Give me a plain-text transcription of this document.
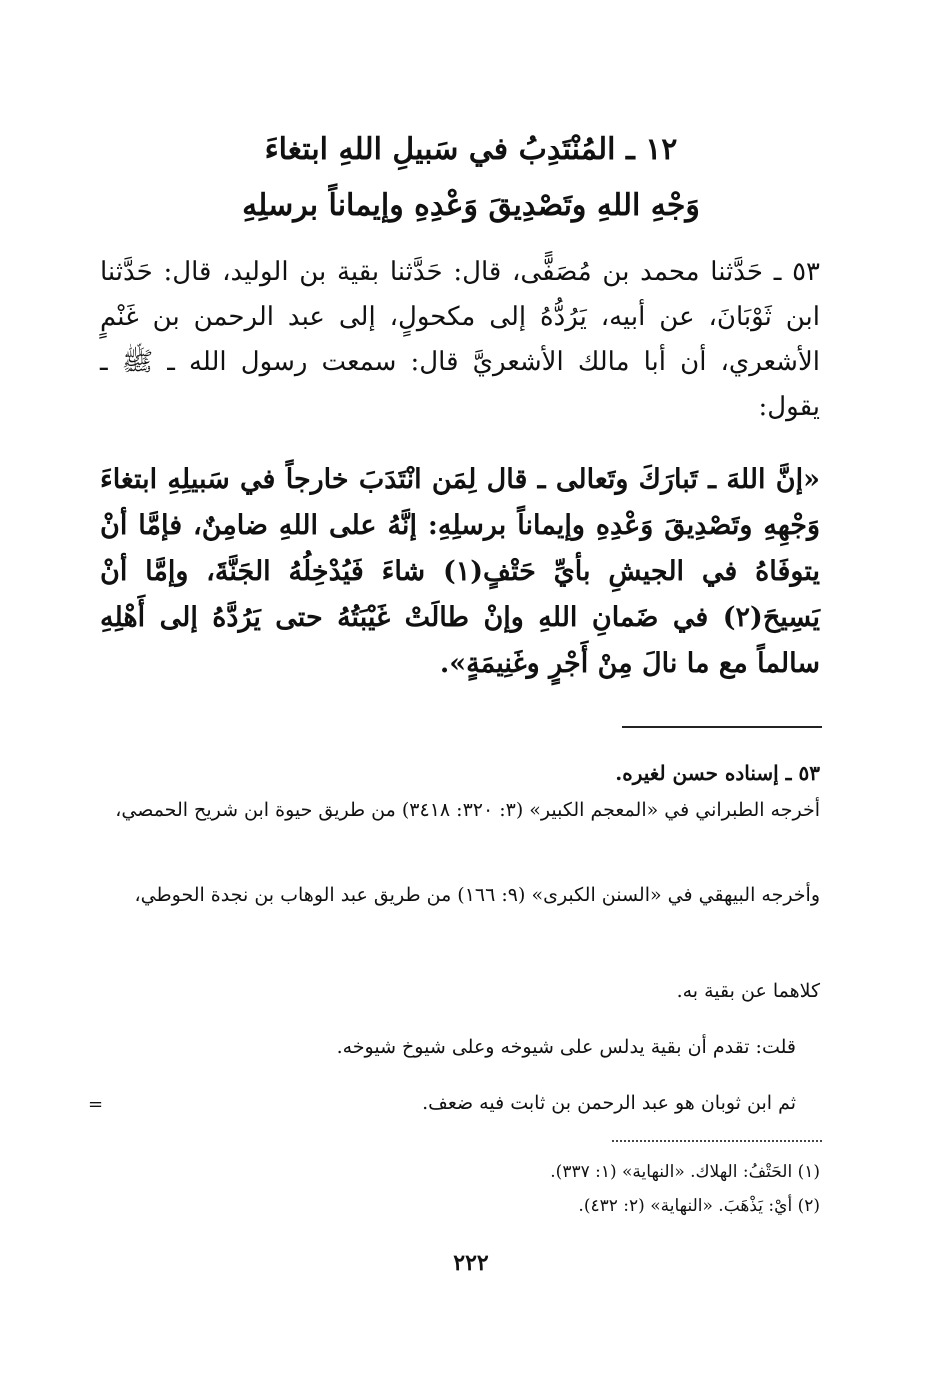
١٢ ـ المُنْتَدِبُ في سَبيلِ اللهِ ابتغاءَ
وَجْهِ اللهِ وتَصْدِيقَ وَعْدِهِ وإيماناً برسلِهِ
٥٣ ـ حَدَّثنا محمد بن مُصَفًّى، قال: حَدَّثنا بقية بن الوليد، قال: حَدَّثنا ابن ثَوْبَانَ، عن أبيه، يَرُدُّهُ إلى مكحولٍ، إلى عبد الرحمن بن غَنْمٍ الأشعري، أن أبا مالك الأشعريَّ قال: سمعت رسول الله ـ ﷺ ـ يقول:
«إنَّ اللهَ ـ تَبارَكَ وتَعالى ـ قال لِمَن انْتَدَبَ خارجاً في سَبيلِهِ ابتغاءَ وَجْهِهِ وتَصْدِيقَ وَعْدِهِ وإيماناً برسلِهِ: إنَّهُ على اللهِ ضامِنٌ، فإمَّا أنْ يتوفَاهُ في الجيشِ بأيِّ حَتْفٍ(١) شاءَ فَيُدْخِلُهُ الجَنَّةَ، وإمَّا أنْ يَسِيحَ(٢) في ضَمانِ اللهِ وإنْ طالَتْ غَيْبَتُهُ حتى يَرُدَّهُ إلى أَهْلِهِ سالماً مع ما نالَ مِنْ أَجْرٍ وغَنِيمَةٍ».
٥٣ ـ إسناده حسن لغيره.
أخرجه الطبراني في «المعجم الكبير» (٣: ٣٢٠: ٣٤١٨) من طريق حيوة ابن شريح الحمصي،
وأخرجه البيهقي في «السنن الكبرى» (٩: ١٦٦) من طريق عبد الوهاب بن نجدة الحوطي،
كلاهما عن بقية به.
قلت: تقدم أن بقية يدلس على شيوخه وعلى شيوخ شيوخه.
ثم ابن ثوبان هو عبد الرحمن بن ثابت فيه ضعف.
=
(١) الحَتْفُ: الهلاك. «النهاية» (١: ٣٣٧).
(٢) أيْ: يَذْهَبَ. «النهاية» (٢: ٤٣٢).
٢٢٢
